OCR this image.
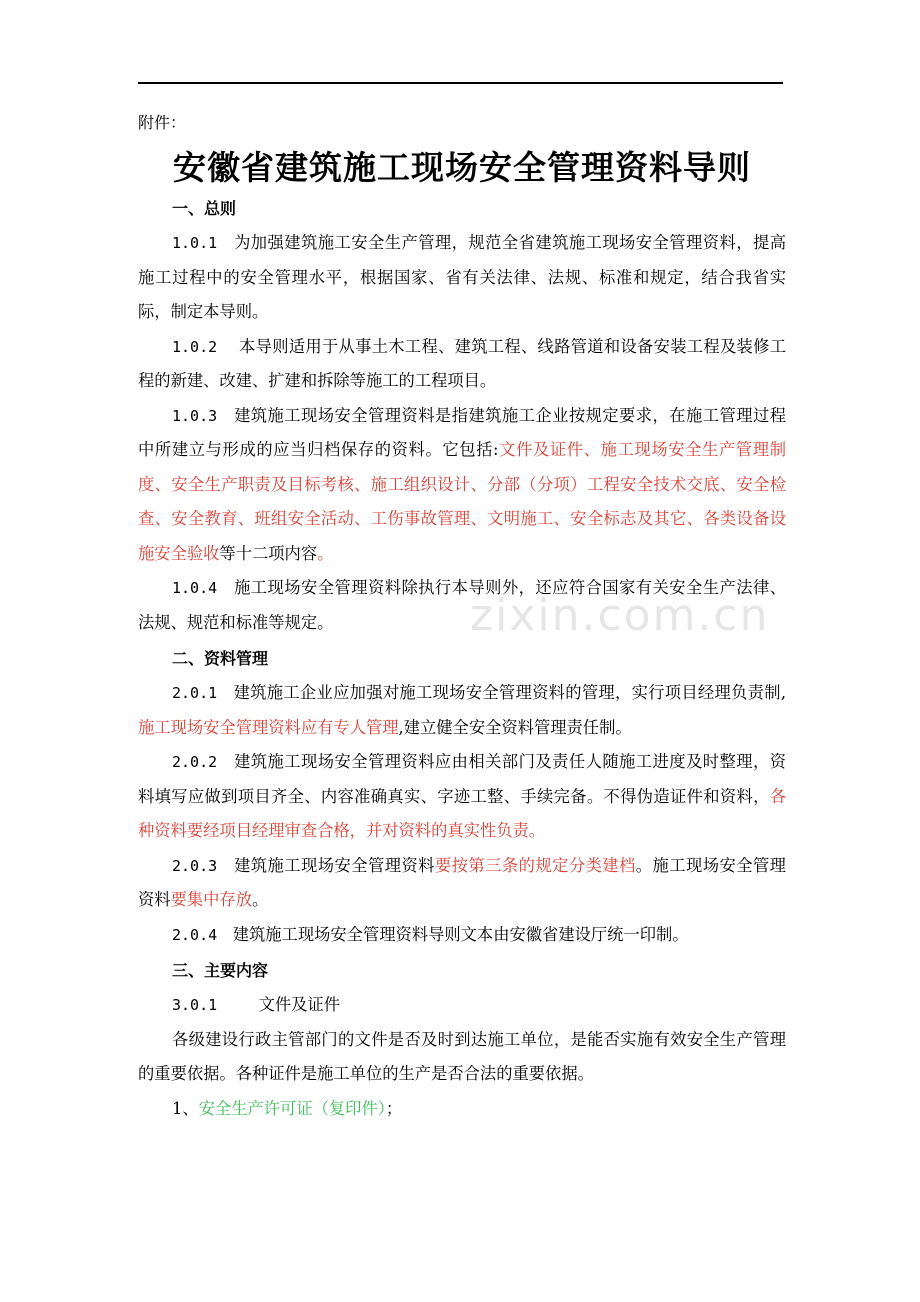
zixin.com.cn

附件：

安徽省建筑施工现场安全管理资料导则
一、总则

1.0.1 为加强建筑施工安全生产管理，规范全省建筑施工现场安全管理资料，提高施工过程中的安全管理水平，根据国家、省有关法律、法规、标准和规定，结合我省实际，制定本导则。

1.0.2 本导则适用于从事土木工程、建筑工程、线路管道和设备安装工程及装修工程的新建、改建、扩建和拆除等施工的工程项目。

1.0.3 建筑施工现场安全管理资料是指建筑施工企业按规定要求，在施工管理过程中所建立与形成的应当归档保存的资料。它包括:文件及证件、施工现场安全生产管理制度、安全生产职责及目标考核、施工组织设计、分部（分项）工程安全技术交底、安全检查、安全教育、班组安全活动、工伤事故管理、文明施工、安全标志及其它、各类设备设施安全验收等十二项内容。

1.0.4 施工现场安全管理资料除执行本导则外，还应符合国家有关安全生产法律、法规、规范和标准等规定。

二、资料管理

2.0.1 建筑施工企业应加强对施工现场安全管理资料的管理，实行项目经理负责制,施工现场安全管理资料应有专人管理,建立健全安全资料管理责任制。

2.0.2 建筑施工现场安全管理资料应由相关部门及责任人随施工进度及时整理，资料填写应做到项目齐全、内容准确真实、字迹工整、手续完备。不得伪造证件和资料，各种资料要经项目经理审查合格，并对资料的真实性负责。

2.0.3 建筑施工现场安全管理资料要按第三条的规定分类建档。施工现场安全管理资料要集中存放。

2.0.4 建筑施工现场安全管理资料导则文本由安徽省建设厅统一印制。

三、主要内容

3.0.1	文件及证件

各级建设行政主管部门的文件是否及时到达施工单位，是能否实施有效安全生产管理的重要依据。各种证件是施工单位的生产是否合法的重要依据。

1、安全生产许可证（复印件）；
